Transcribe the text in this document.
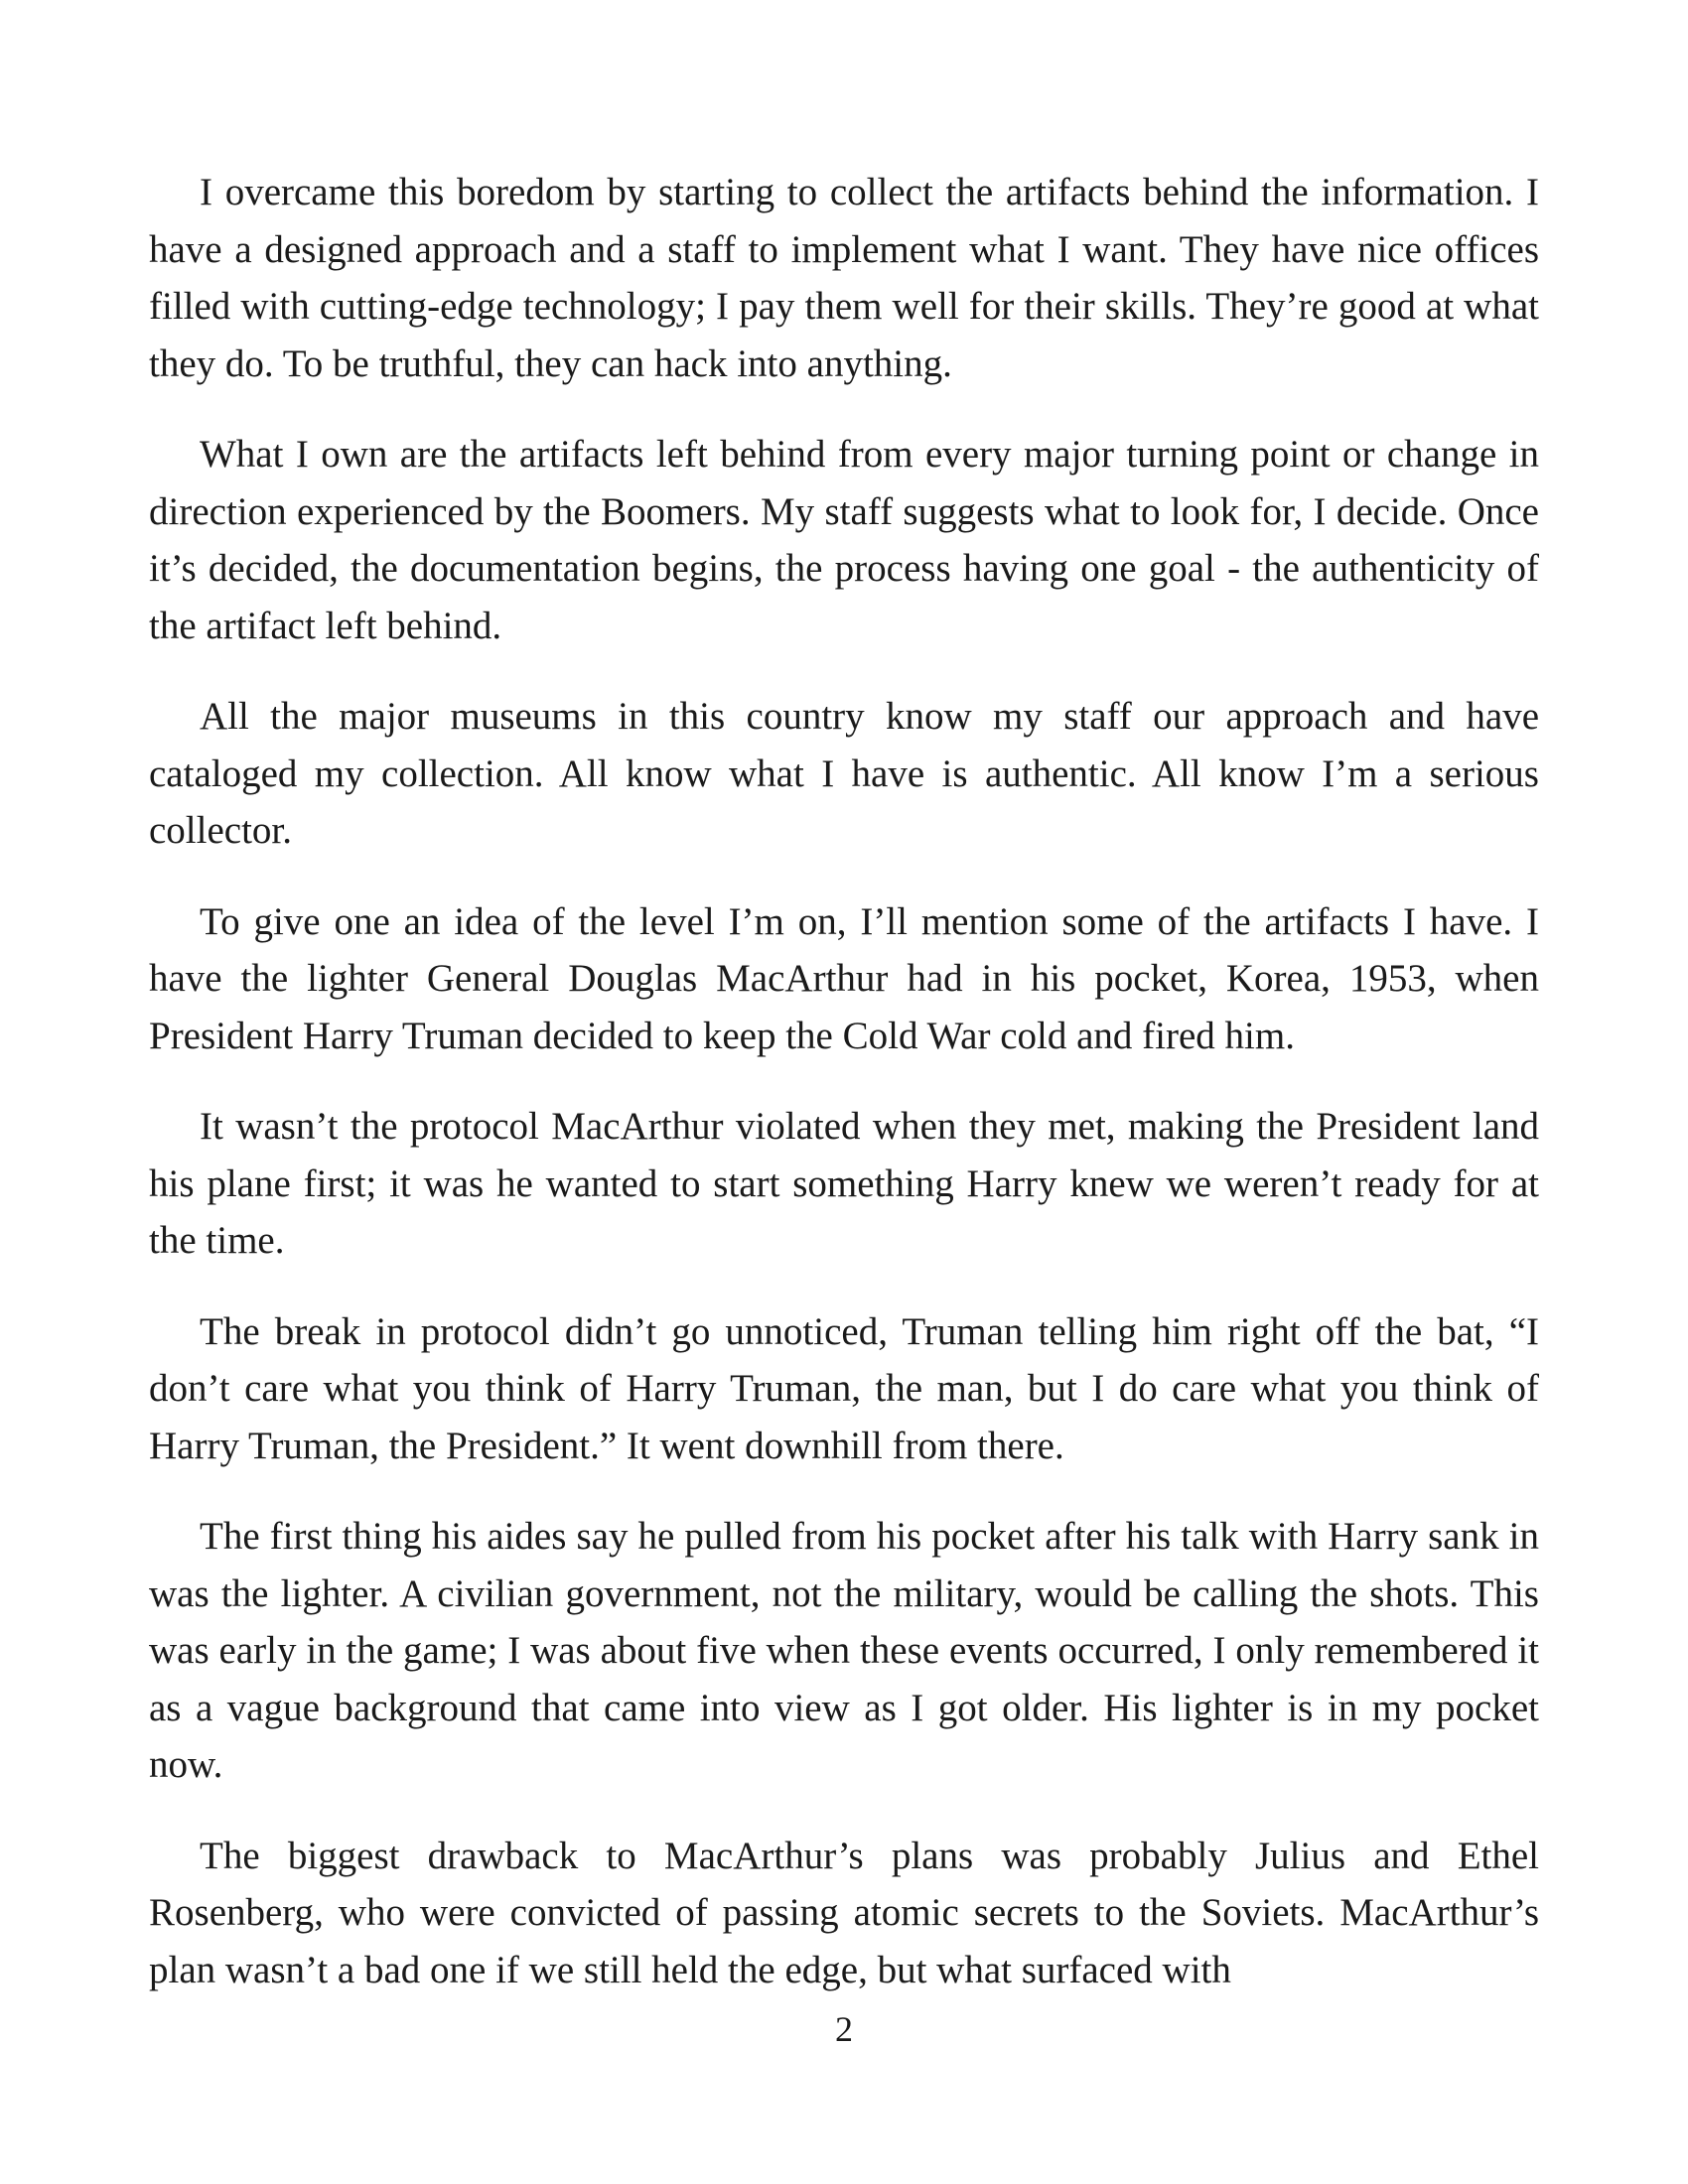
I overcame this boredom by starting to collect the artifacts behind the information. I have a designed approach and a staff to implement what I want. They have nice offices filled with cutting-edge technology; I pay them well for their skills. They’re good at what they do. To be truthful, they can hack into anything.

What I own are the artifacts left behind from every major turning point or change in direction experienced by the Boomers. My staff suggests what to look for, I decide. Once it’s decided, the documentation begins, the process having one goal - the authenticity of the artifact left behind.

All the major museums in this country know my staff our approach and have cataloged my collection. All know what I have is authentic. All know I’m a serious collector.

To give one an idea of the level I’m on, I’ll mention some of the artifacts I have. I have the lighter General Douglas MacArthur had in his pocket, Korea, 1953, when President Harry Truman decided to keep the Cold War cold and fired him.

It wasn’t the protocol MacArthur violated when they met, making the President land his plane first; it was he wanted to start something Harry knew we weren’t ready for at the time.

The break in protocol didn’t go unnoticed, Truman telling him right off the bat, “I don’t care what you think of Harry Truman, the man, but I do care what you think of Harry Truman, the President.” It went downhill from there.

The first thing his aides say he pulled from his pocket after his talk with Harry sank in was the lighter. A civilian government, not the military, would be calling the shots. This was early in the game; I was about five when these events occurred, I only remembered it as a vague background that came into view as I got older. His lighter is in my pocket now.

The biggest drawback to MacArthur’s plans was probably Julius and Ethel Rosenberg, who were convicted of passing atomic secrets to the Soviets. MacArthur’s plan wasn’t a bad one if we still held the edge, but what surfaced with

2
